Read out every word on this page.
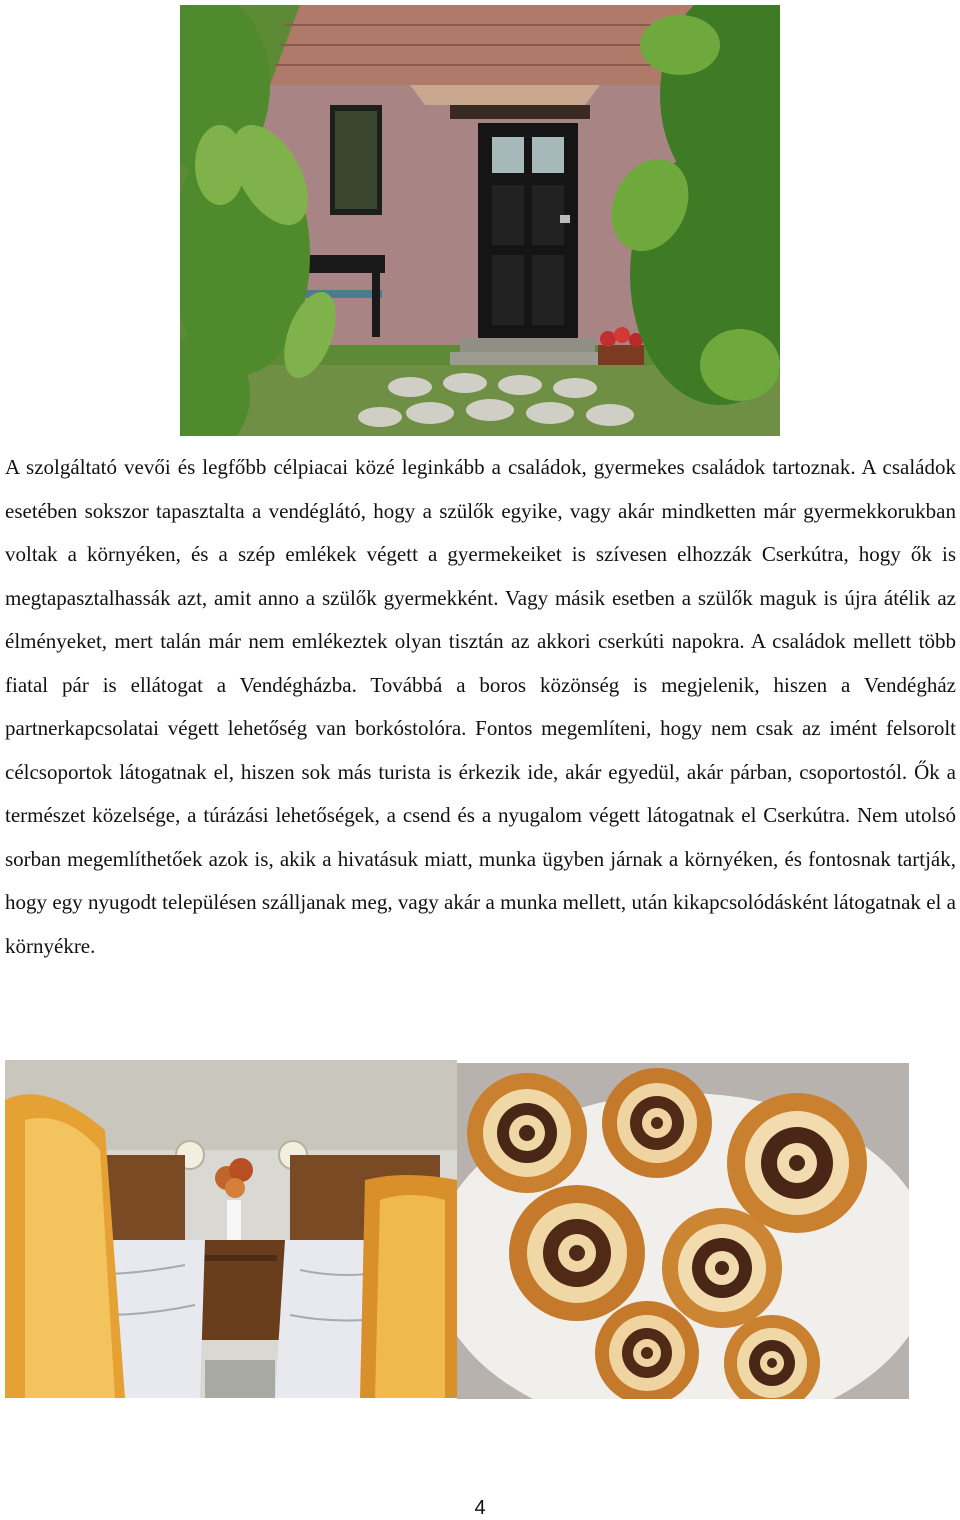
A szolgáltató vevői és legfőbb célpiacai közé leginkább a családok, gyermekes családok tartoznak. A családok esetében sokszor tapasztalta a vendéglátó, hogy a szülők egyike, vagy akár mindketten már gyermekkorukban voltak a környéken, és a szép emlékek végett a gyermekeiket is szívesen elhozzák Cserkútra, hogy ők is megtapasztalhassák azt, amit anno a szülők gyermekként. Vagy másik esetben a szülők maguk is újra átélik az élményeket, mert talán már nem emlékeztek olyan tisztán az akkori cserkúti napokra. A családok mellett több fiatal pár is ellátogat a Vendégházba. Továbbá a boros közönség is megjelenik, hiszen a Vendégház partnerkapcsolatai végett lehetőség van borkóstolóra. Fontos megemlíteni, hogy nem csak az imént felsorolt célcsoportok látogatnak el, hiszen sok más turista is érkezik ide, akár egyedül, akár párban, csoportostól. Ők a természet közelsége, a túrázási lehetőségek, a csend és a nyugalom végett látogatnak el Cserkútra. Nem utolsó sorban megemlíthetőek azok is, akik a hivatásuk miatt, munka ügyben járnak a környéken, és fontosnak tartják, hogy egy nyugodt településen szálljanak meg, vagy akár a munka mellett, után kikapcsolódásként látogatnak el a környékre.

4
